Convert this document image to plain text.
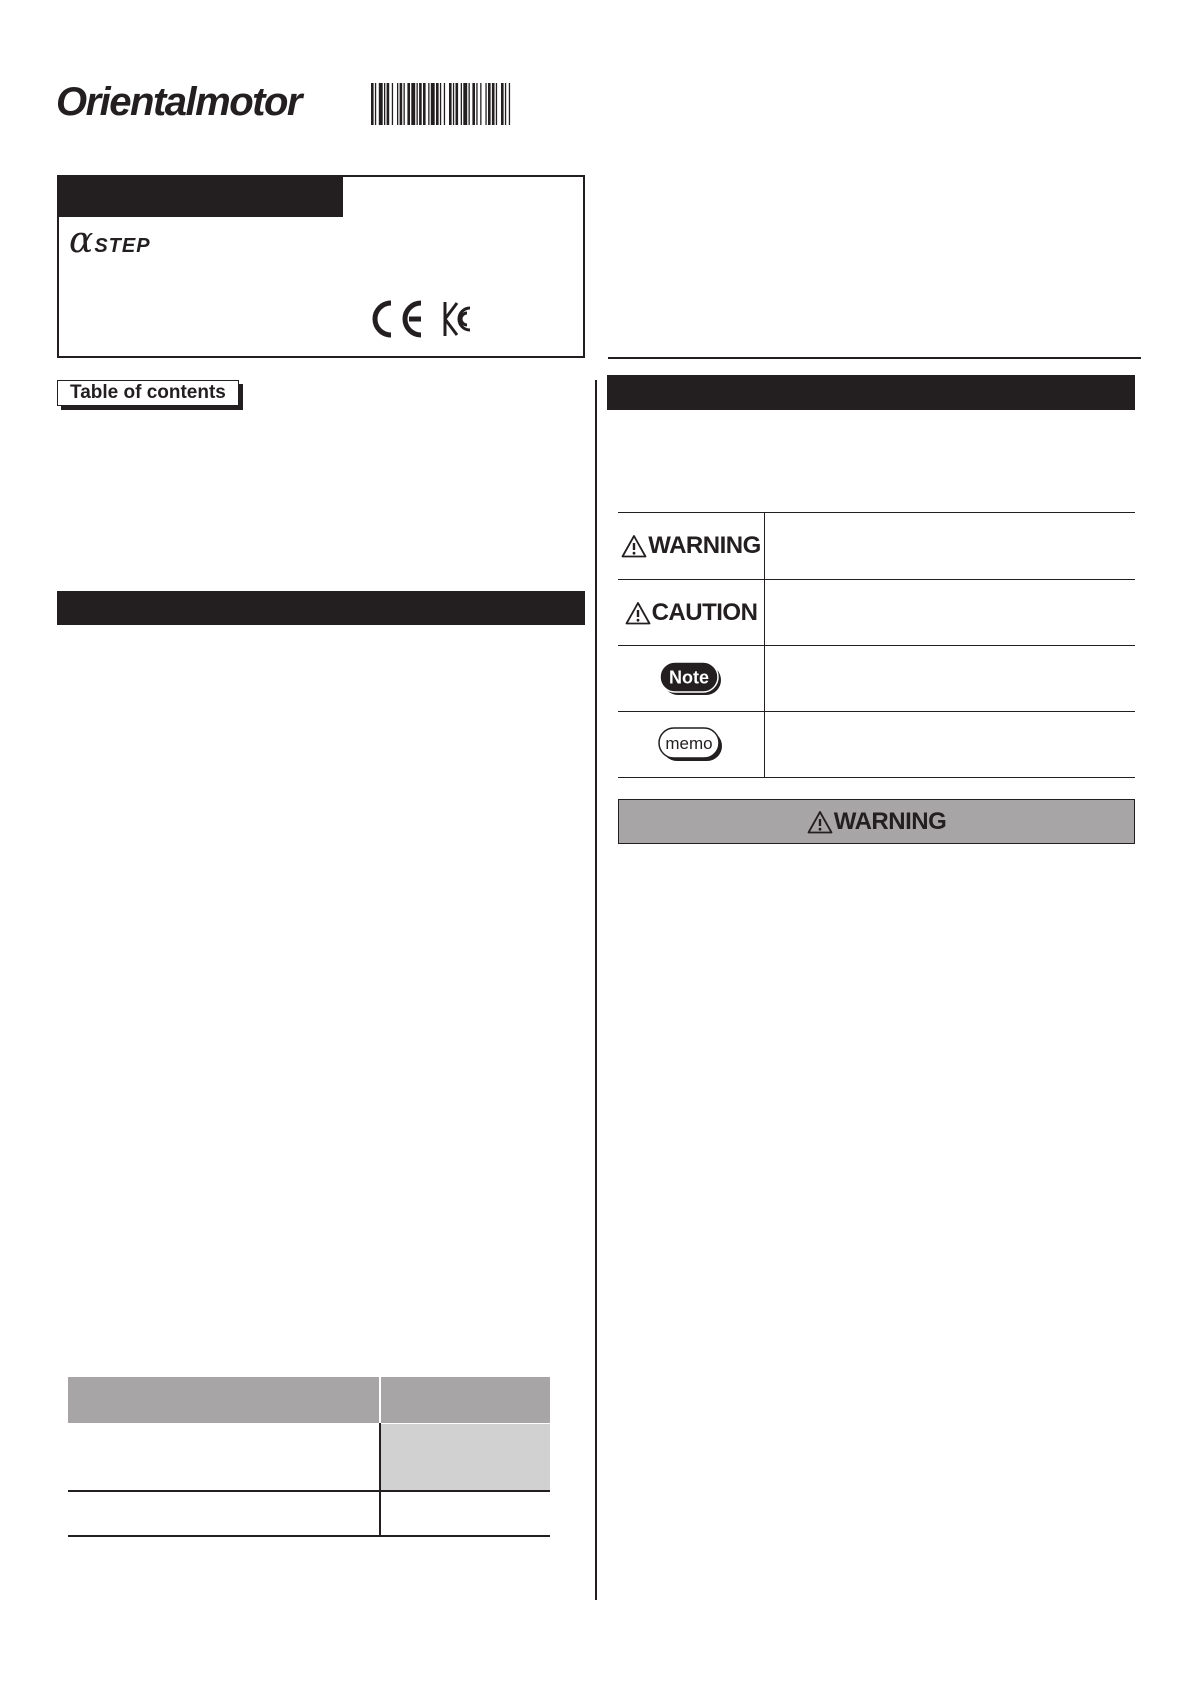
Orientalmotor
α STEP
Table of contents
WARNING
CAUTION
Note
memo
WARNING
